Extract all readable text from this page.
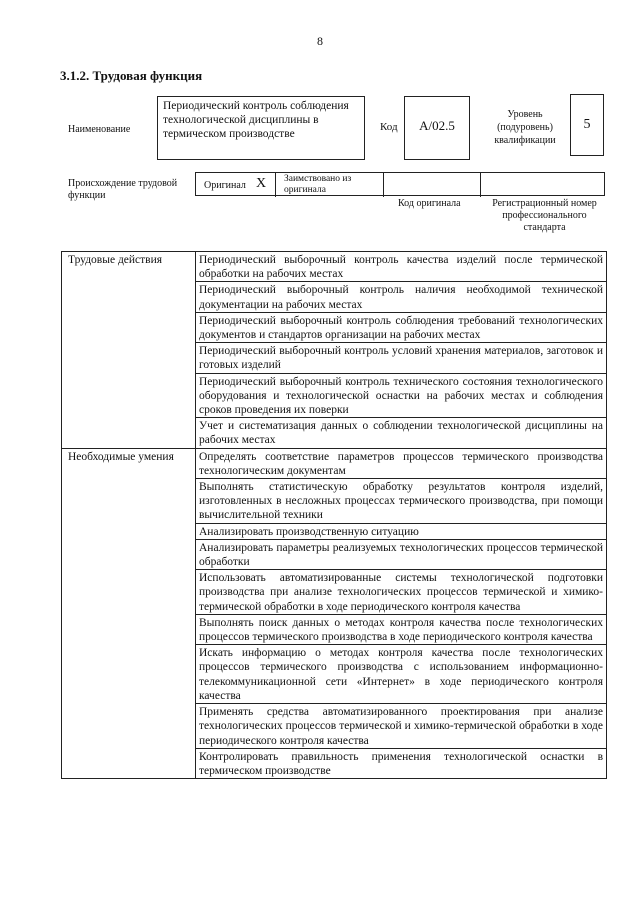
8
3.1.2. Трудовая функция
Наименование
Периодический контроль соблюдения технологической дисциплины в термическом производстве
Код	А/02.5
Уровень (подуровень) квалификации
5
Происхождение трудовой функции
Оригинал X Заимствовано из оригинала
Код оригинала	Регистрационный номер профессионального стандарта
Трудовые действия	Периодический выборочный контроль качества изделий после термической обработки на рабочих местах
	Периодический выборочный контроль наличия необходимой технической документации на рабочих местах
	Периодический выборочный контроль соблюдения требований технологических документов и стандартов организации на рабочих местах
	Периодический выборочный контроль условий хранения материалов, заготовок и готовых изделий
	Периодический выборочный контроль технического состояния технологического оборудования и технологической оснастки на рабочих местах и соблюдения сроков проведения их поверки
	Учет и систематизация данных о соблюдении технологической дисциплины на рабочих местах
Необходимые умения	Определять соответствие параметров процессов термического производства технологическим документам
	Выполнять статистическую обработку результатов контроля изделий, изготовленных в несложных процессах термического производства, при помощи вычислительной техники
	Анализировать производственную ситуацию
	Анализировать параметры реализуемых технологических процессов термической обработки
	Использовать автоматизированные системы технологической подготовки производства при анализе технологических процессов термической и химико-термической обработки в ходе периодического контроля качества
	Выполнять поиск данных о методах контроля качества после технологических процессов термического производства в ходе периодического контроля качества
	Искать информацию о методах контроля качества после технологических процессов термического производства с использованием информационно-телекоммуникационной сети «Интернет» в ходе периодического контроля качества
	Применять средства автоматизированного проектирования при анализе технологических процессов термической и химико-термической обработки в ходе периодического контроля качества
	Контролировать правильность применения технологической оснастки в термическом производстве
